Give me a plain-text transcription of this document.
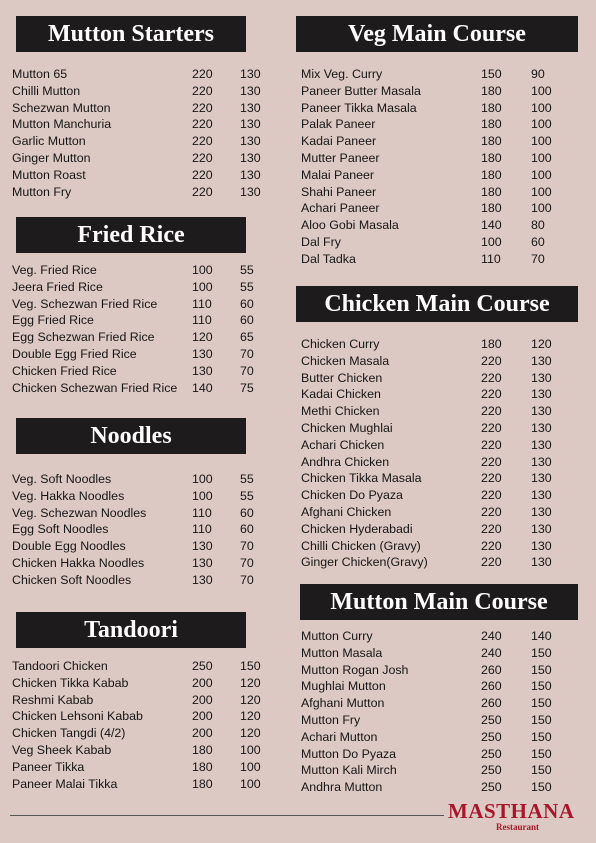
Mutton Starters
Fried Rice
Noodles
Tandoori
Veg Main Course
Chicken Main Course
Mutton Main Course
Mutton 65	220 130
Chilli Mutton	220 130
Schezwan Mutton	220 130
Mutton Manchuria	220 130
Garlic Mutton	220 130
Ginger Mutton	220 130
Mutton Roast	220 130
Mutton Fry	220 130
Veg. Fried Rice	100 55
Jeera Fried Rice	100 55
Veg. Schezwan Fried Rice	110 60
Egg Fried Rice	110 60
Egg Schezwan Fried Rice	120 65
Double Egg Fried Rice	130 70
Chicken Fried Rice	130 70
Chicken Schezwan Fried Rice 140 75
Veg. Soft Noodles	100 55
Veg. Hakka Noodles	100 55
Veg. Schezwan Noodles	110 60
Egg Soft Noodles	110 60
Double Egg Noodles	130 70
Chicken Hakka Noodles	130 70
Chicken Soft Noodles	130 70
Tandoori Chicken	250 150
Chicken Tikka Kabab	200 120
Reshmi Kabab	200 120
Chicken Lehsoni Kabab	200 120
Chicken Tangdi (4/2)	200 120
Veg Sheek Kabab	180 100
Paneer Tikka	180 100
Paneer Malai Tikka	180 100
Mix Veg. Curry	150 90
Paneer Butter Masala	180 100
Paneer Tikka Masala	180 100
Palak Paneer	180 100
Kadai Paneer	180 100
Mutter Paneer	180 100
Malai Paneer	180 100
Shahi Paneer	180 100
Achari Paneer	180 100
Aloo Gobi Masala	140 80
Dal Fry	100 60
Dal Tadka	110 70
Chicken Curry	180 120
Chicken Masala	220 130
Butter Chicken	220 130
Kadai Chicken	220 130
Methi Chicken	220 130
Chicken Mughlai	220 130
Achari Chicken	220 130
Andhra Chicken	220 130
Chicken Tikka Masala	220 130
Chicken Do Pyaza	220 130
Afghani Chicken	220 130
Chicken Hyderabadi	220 130
Chilli Chicken (Gravy)	220 130
Ginger Chicken(Gravy)	220 130
Mutton Curry	240 140
Mutton Masala	240 150
Mutton Rogan Josh	260 150
Mughlai Mutton	260 150
Afghani Mutton	260 150
Mutton Fry	250 150
Achari Mutton	250 150
Mutton Do Pyaza	250 150
Mutton Kali Mirch	250 150
Andhra Mutton	250 150
MASTHANA
Restaurant
